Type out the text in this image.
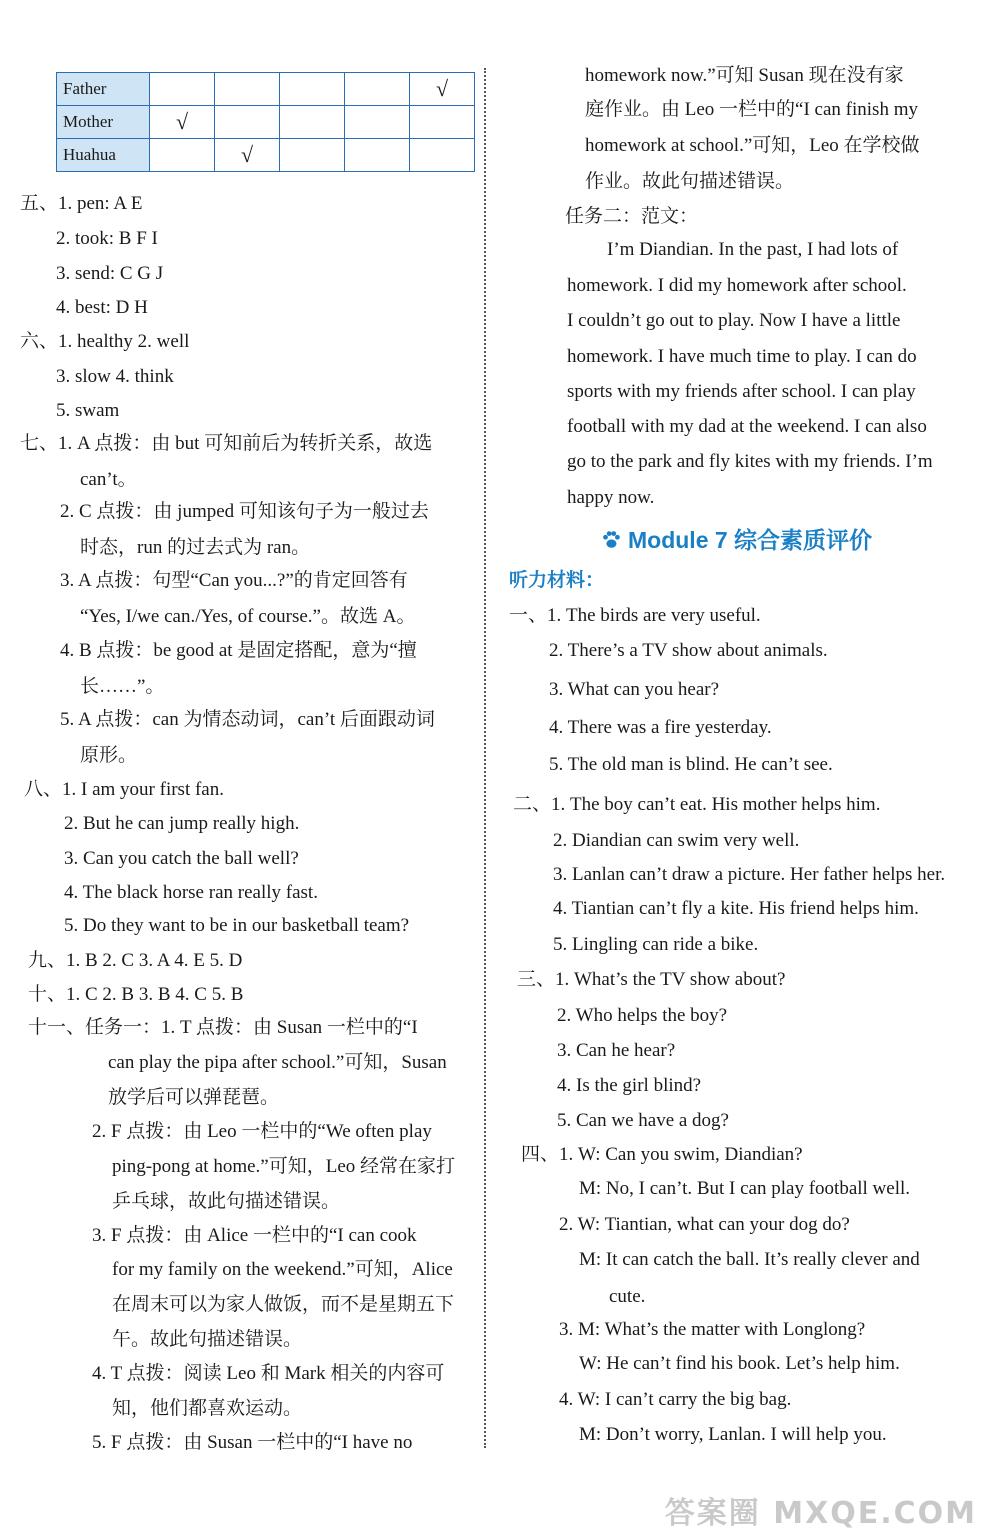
Father					√
Mother	√				
Huahua		√			
五、1. pen: A E
2. took: B F I
3. send: C G J
4. best: D H
六、1. healthy 2. well
3. slow 4. think
5. swam
七、1. A 点拨：由 but 可知前后为转折关系，故选
can’t。
2. C 点拨：由 jumped 可知该句子为一般过去
时态，run 的过去式为 ran。
3. A 点拨：句型“Can you...?”的肯定回答有
“Yes, I/we can./Yes, of course.”。故选 A。
4. B 点拨：be good at 是固定搭配，意为“擅
长……”。
5. A 点拨：can 为情态动词，can’t 后面跟动词
原形。
八、1. I am your first fan.
2. But he can jump really high.
3. Can you catch the ball well?
4. The black horse ran really fast.
5. Do they want to be in our basketball team?
九、1. B 2. C 3. A 4. E 5. D
十、1. C 2. B 3. B 4. C 5. B
十一、任务一：1. T 点拨：由 Susan 一栏中的“I
can play the pipa after school.”可知，Susan
放学后可以弹琵琶。
2. F 点拨：由 Leo 一栏中的“We often play
ping-pong at home.”可知，Leo 经常在家打
乒乓球，故此句描述错误。
3. F 点拨：由 Alice 一栏中的“I can cook
for my family on the weekend.”可知，Alice
在周末可以为家人做饭，而不是星期五下
午。故此句描述错误。
4. T 点拨：阅读 Leo 和 Mark 相关的内容可
知，他们都喜欢运动。
5. F 点拨：由 Susan 一栏中的“I have no
homework now.”可知 Susan 现在没有家
庭作业。由 Leo 一栏中的“I can finish my
homework at school.”可知，Leo 在学校做
作业。故此句描述错误。
任务二：范文：
I’m Diandian. In the past, I had lots of
homework. I did my homework after school.
I couldn’t go out to play. Now I have a little
homework. I have much time to play. I can do
sports with my friends after school. I can play
football with my dad at the weekend. I can also
go to the park and fly kites with my friends. I’m
happy now.
一、1. The birds are very useful.
2. There’s a TV show about animals.
3. What can you hear?
4. There was a fire yesterday.
5. The old man is blind. He can’t see.
二、1. The boy can’t eat. His mother helps him.
2. Diandian can swim very well.
3. Lanlan can’t draw a picture. Her father helps her.
4. Tiantian can’t fly a kite. His friend helps him.
5. Lingling can ride a bike.
三、1. What’s the TV show about?
2. Who helps the boy?
3. Can he hear?
4. Is the girl blind?
5. Can we have a dog?
四、1. W: Can you swim, Diandian?
M: No, I can’t. But I can play football well.
2. W: Tiantian, what can your dog do?
M: It can catch the ball. It’s really clever and
cute.
3. M: What’s the matter with Longlong?
W: He can’t find his book. Let’s help him.
4. W: I can’t carry the big bag.
M: Don’t worry, Lanlan. I will help you.
Module 7 综合素质评价
听力材料：
答案圈 MXQE.COM
